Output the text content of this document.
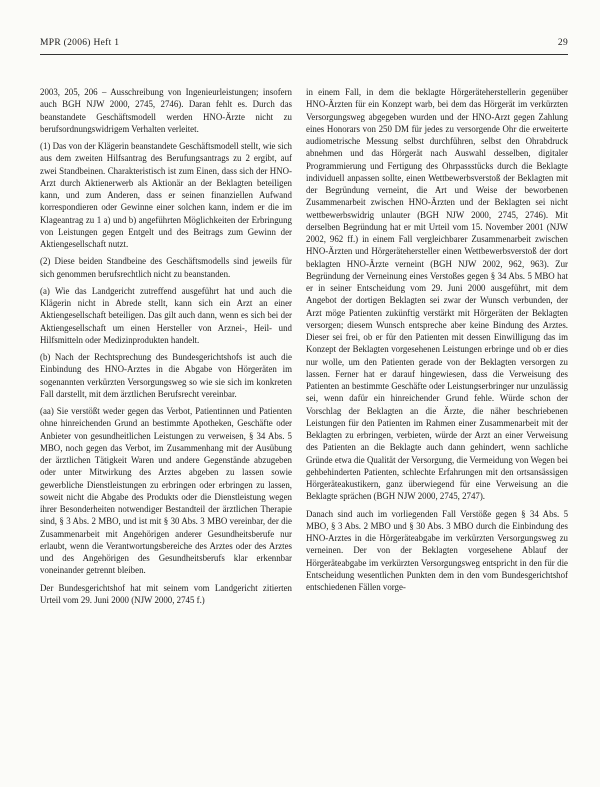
MPR (2006) Heft 1	29

2003, 205, 206 – Ausschreibung von Ingenieurleistungen; insofern auch BGH NJW 2000, 2745, 2746). Daran fehlt es. Durch das beanstandete Geschäftsmodell werden HNO-Ärzte nicht zu berufsordnungswidrigem Verhalten verleitet.

(1) Das von der Klägerin beanstandete Geschäftsmodell stellt, wie sich aus dem zweiten Hilfsantrag des Berufungsantrags zu 2 ergibt, auf zwei Standbeinen. Charakteristisch ist zum Einen, dass sich der HNO-Arzt durch Aktienerwerb als Aktionär an der Beklagten beteiligen kann, und zum Anderen, dass er seinen finanziellen Aufwand korrespondieren oder Gewinne einer solchen kann, indem er die im Klageantrag zu 1 a) und b) angeführten Möglichkeiten der Erbringung von Leistungen gegen Entgelt und des Beitrags zum Gewinn der Aktiengesellschaft nutzt.

(2) Diese beiden Standbeine des Geschäftsmodells sind jeweils für sich genommen berufsrechtlich nicht zu beanstanden.

(a) Wie das Landgericht zutreffend ausgeführt hat und auch die Klägerin nicht in Abrede stellt, kann sich ein Arzt an einer Aktiengesellschaft beteiligen. Das gilt auch dann, wenn es sich bei der Aktiengesellschaft um einen Hersteller von Arznei-, Heil- und Hilfsmitteln oder Medizinprodukten handelt.

(b) Nach der Rechtsprechung des Bundesgerichtshofs ist auch die Einbindung des HNO-Arztes in die Abgabe von Hörgeräten im sogenannten verkürzten Versorgungsweg so wie sie sich im konkreten Fall darstellt, mit dem ärztlichen Berufsrecht vereinbar.

(aa) Sie verstößt weder gegen das Verbot, Patientinnen und Patienten ohne hinreichenden Grund an bestimmte Apotheken, Geschäfte oder Anbieter von gesundheitlichen Leistungen zu verweisen, § 34 Abs. 5 MBO, noch gegen das Verbot, im Zusammenhang mit der Ausübung der ärztlichen Tätigkeit Waren und andere Gegenstände abzugeben oder unter Mitwirkung des Arztes abgeben zu lassen sowie gewerbliche Dienstleistungen zu erbringen oder erbringen zu lassen, soweit nicht die Abgabe des Produkts oder die Dienstleistung wegen ihrer Besonderheiten notwendiger Bestandteil der ärztlichen Therapie sind, § 3 Abs. 2 MBO, und ist mit § 30 Abs. 3 MBO vereinbar, der die Zusammenarbeit mit Angehörigen anderer Gesundheitsberufe nur erlaubt, wenn die Verantwortungsbereiche des Arztes oder des Arztes und des Angehörigen des Gesundheitsberufs klar erkennbar voneinander getrennt bleiben.

Der Bundesgerichtshof hat mit seinem vom Landgericht zitierten Urteil vom 29. Juni 2000 (NJW 2000, 2745 f.)

in einem Fall, in dem die beklagte Hörgeräteherstellerin gegenüber HNO-Ärzten für ein Konzept warb, bei dem das Hörgerät im verkürzten Versorgungsweg abgegeben wurden und der HNO-Arzt gegen Zahlung eines Honorars von 250 DM für jedes zu versorgende Ohr die erweiterte audiometrische Messung selbst durchführen, selbst den Ohrabdruck abnehmen und das Hörgerät nach Auswahl desselben, digitaler Programmierung und Fertigung des Ohrpassstücks durch die Beklagte individuell anpassen sollte, einen Wettbewerbsverstoß der Beklagten mit der Begründung verneint, die Art und Weise der beworbenen Zusammenarbeit zwischen HNO-Ärzten und der Beklagten sei nicht wettbewerbswidrig unlauter (BGH NJW 2000, 2745, 2746). Mit derselben Begründung hat er mit Urteil vom 15. November 2001 (NJW 2002, 962 ff.) in einem Fall vergleichbarer Zusammenarbeit zwischen HNO-Ärzten und Hörgerätehersteller einen Wettbewerbsverstoß der dort beklagten HNO-Ärzte verneint (BGH NJW 2002, 962, 963). Zur Begründung der Verneinung eines Verstoßes gegen § 34 Abs. 5 MBO hat er in seiner Entscheidung vom 29. Juni 2000 ausgeführt, mit dem Angebot der dortigen Beklagten sei zwar der Wunsch verbunden, der Arzt möge Patienten zukünftig verstärkt mit Hörgeräten der Beklagten versorgen; diesem Wunsch entspreche aber keine Bindung des Arztes. Dieser sei frei, ob er für den Patienten mit dessen Einwilligung das im Konzept der Beklagten vorgesehenen Leistungen erbringe und ob er dies nur wolle, um den Patienten gerade von der Beklagten versorgen zu lassen. Ferner hat er darauf hingewiesen, dass die Verweisung des Patienten an bestimmte Geschäfte oder Leistungserbringer nur unzulässig sei, wenn dafür ein hinreichender Grund fehle. Würde schon der Vorschlag der Beklagten an die Ärzte, die näher beschriebenen Leistungen für den Patienten im Rahmen einer Zusammenarbeit mit der Beklagten zu erbringen, verbieten, würde der Arzt an einer Verweisung des Patienten an die Beklagte auch dann gehindert, wenn sachliche Gründe etwa die Qualität der Versorgung, die Vermeidung von Wegen bei gehbehinderten Patienten, schlechte Erfahrungen mit den ortsansässigen Hörgeräteakustikern, ganz überwiegend für eine Verweisung an die Beklagte sprächen (BGH NJW 2000, 2745, 2747).

Danach sind auch im vorliegenden Fall Verstöße gegen § 34 Abs. 5 MBO, § 3 Abs. 2 MBO und § 30 Abs. 3 MBO durch die Einbindung des HNO-Arztes in die Hörgeräteabgabe im verkürzten Versorgungsweg zu verneinen. Der von der Beklagten vorgesehene Ablauf der Hörgeräteabgabe im verkürzten Versorgungsweg entspricht in den für die Entscheidung wesentlichen Punkten dem in den vom Bundesgerichtshof entschiedenen Fällen vorge-
